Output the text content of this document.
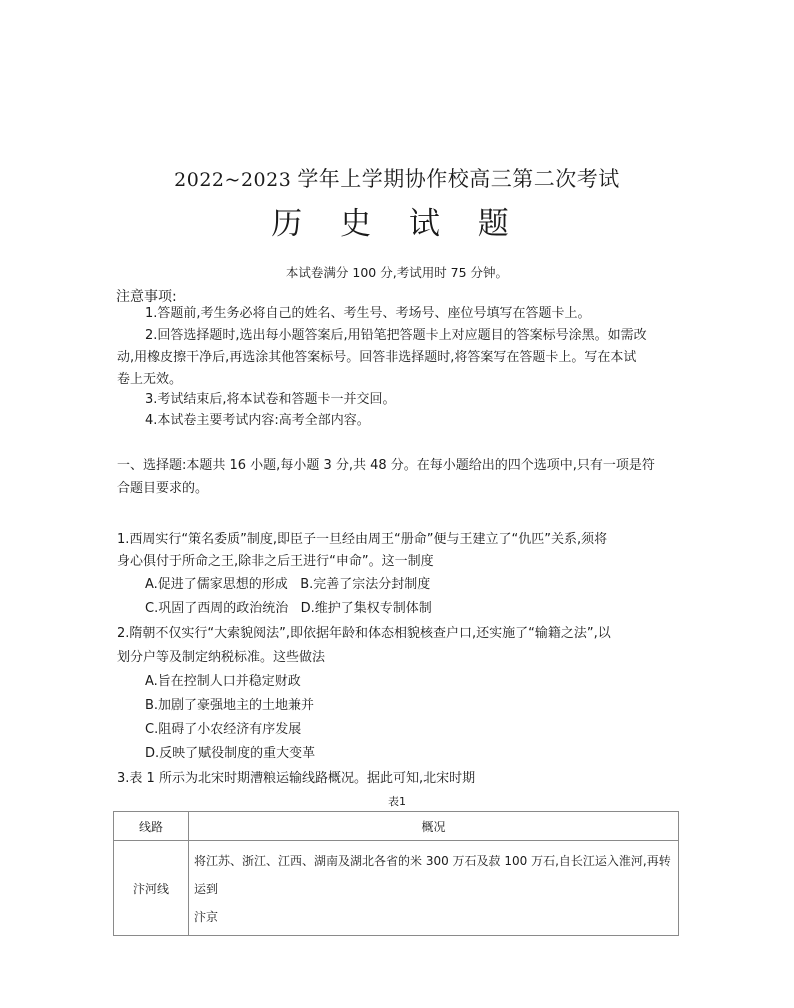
2022~2023 学年上学期协作校高三第二次考试
历 史 试 题
本试卷满分 100 分,考试用时 75 分钟。
注意事项:
1.答题前,考生务必将自己的姓名、考生号、考场号、座位号填写在答题卡上。
2.回答选择题时,选出每小题答案后,用铅笔把答题卡上对应题目的答案标号涂黑。如需改
动,用橡皮擦干净后,再选涂其他答案标号。回答非选择题时,将答案写在答题卡上。写在本试
卷上无效。
3.考试结束后,将本试卷和答题卡一并交回。
4.本试卷主要考试内容:高考全部内容。
一、选择题:本题共 16 小题,每小题 3 分,共 48 分。在每小题给出的四个选项中,只有一项是符
合题目要求的。
1.西周实行“策名委质”制度,即臣子一旦经由周王“册命”便与王建立了“仇匹”关系,须将
身心俱付于所命之王,除非之后王进行“申命”。这一制度
A.促进了儒家思想的形成   B.完善了宗法分封制度
C.巩固了西周的政治统治   D.维护了集权专制体制
2.隋朝不仅实行“大索貌阅法”,即依据年龄和体态相貌核查户口,还实施了“输籍之法”,以
划分户等及制定纳税标准。这些做法
A.旨在控制人口并稳定财政
B.加剧了豪强地主的土地兼并
C.阻碍了小农经济有序发展
D.反映了赋役制度的重大变革
3.表 1 所示为北宋时期漕粮运输线路概况。据此可知,北宋时期
表1
线路	概况
汴河线	将江苏、浙江、江西、湖南及湖北各省的米 300 万石及菽 100 万石,自长江运入淮河,再转运到
汴京
